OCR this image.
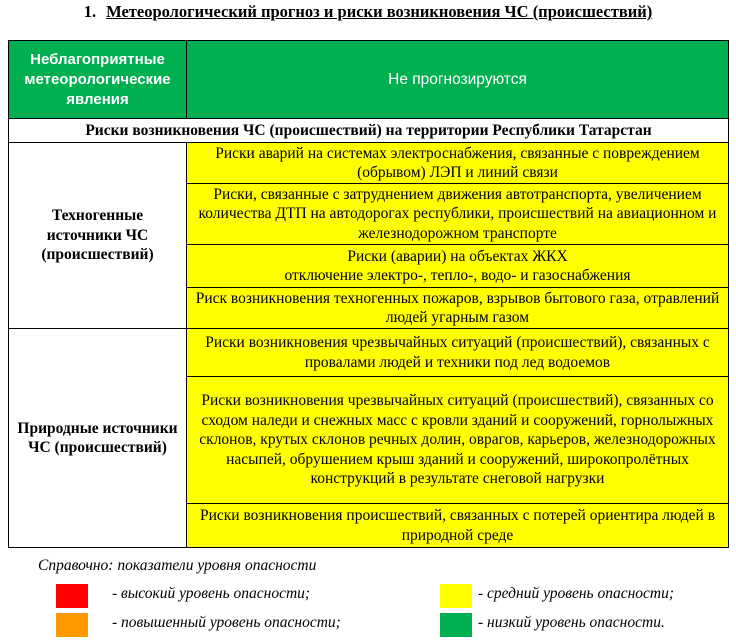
1. Метеорологический прогноз и риски возникновения ЧС (происшествий)
Неблагоприятные метеорологические явления	Не прогнозируются
Риски возникновения ЧС (происшествий) на территории Республики Татарстан	
Техногенные источники ЧС (происшествий)	Риски аварий на системах электроснабжения, связанные с повреждением (обрывом) ЛЭП и линий связи
	Риски, связанные с затруднением движения автотранспорта, увеличением количества ДТП на автодорогах республики, происшествий на авиационном и железнодорожном транспорте
	Риски (аварии) на объектах ЖКХ
отключение электро-, тепло-, водо- и газоснабжения
	Риск возникновения техногенных пожаров, взрывов бытового газа, отравлений людей угарным газом
Природные источники ЧС (происшествий)	Риски возникновения чрезвычайных ситуаций (происшествий), связанных с провалами людей и техники под лед водоемов
	Риски возникновения чрезвычайных ситуаций (происшествий), связанных со сходом наледи и снежных масс с кровли зданий и сооружений, горнолыжных склонов, крутых склонов речных долин, оврагов, карьеров, железнодорожных насыпей, обрушением крыш зданий и сооружений, широкопролётных конструкций в результате снеговой нагрузки
	Риски возникновения происшествий, связанных с потерей ориентира людей в природной среде
Справочно: показатели уровня опасности
- высокий уровень опасности;	- средний уровень опасности;
- повышенный уровень опасности;	- низкий уровень опасности.
